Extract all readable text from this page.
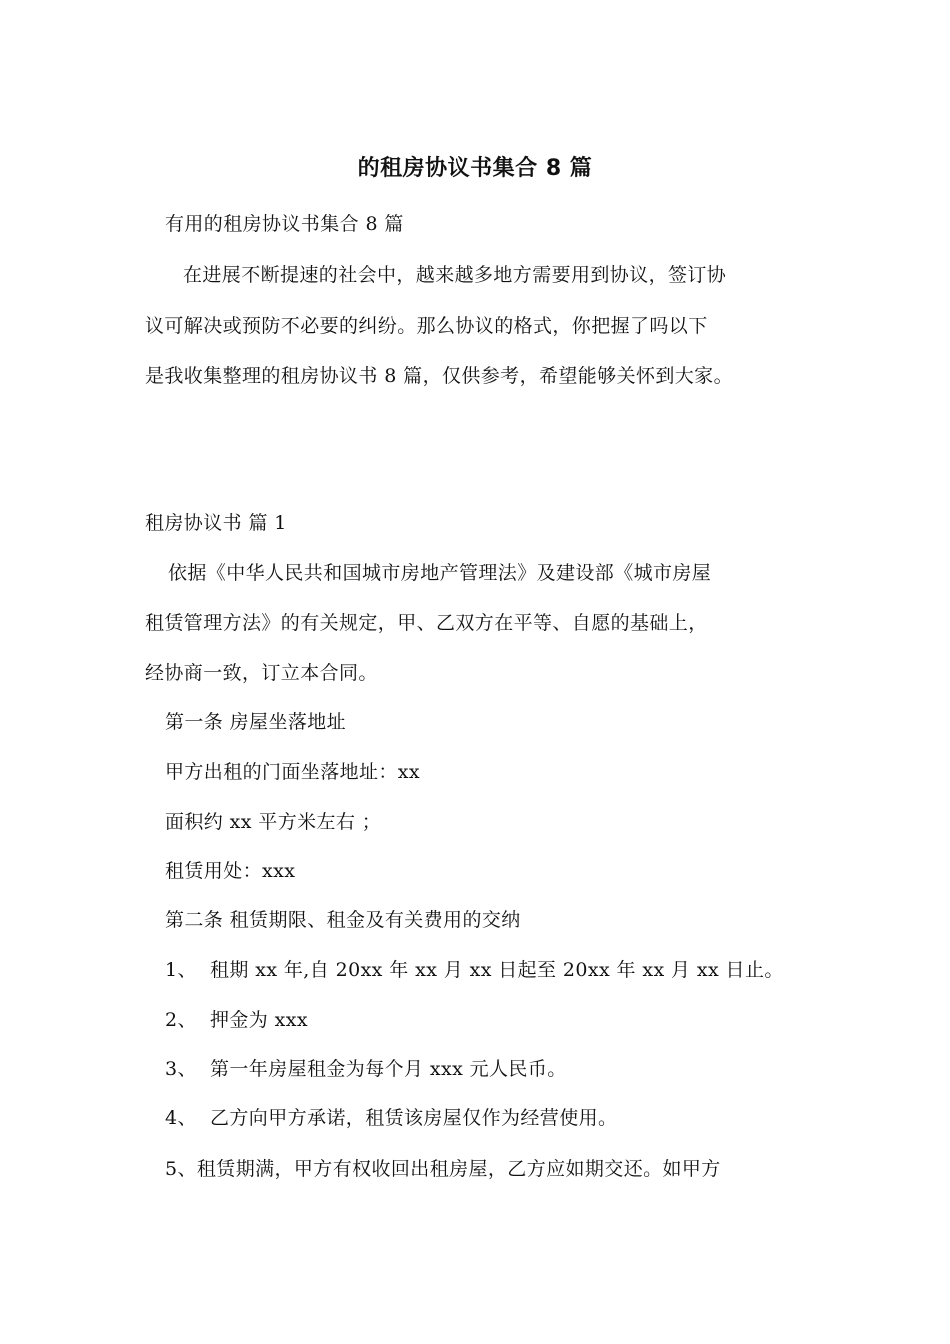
的租房协议书集合 8 篇
有用的租房协议书集合 8 篇
在进展不断提速的社会中，越来越多地方需要用到协议，签订协
议可解决或预防不必要的纠纷。那么协议的格式，你把握了吗以下
是我收集整理的租房协议书 8 篇，仅供参考，希望能够关怀到大家。
租房协议书 篇 1
依据《中华人民共和国城市房地产管理法》及建设部《城市房屋
租赁管理方法》的有关规定，甲、乙双方在平等、自愿的基础上，
经协商一致，订立本合同。
第一条 房屋坐落地址
甲方出租的门面坐落地址：xx
面积约 xx 平方米左右 ；
租赁用处：xxx
第二条 租赁期限、租金及有关费用的交纳
1、 租期 xx 年,自 20xx 年 xx 月 xx 日起至 20xx 年 xx 月 xx 日止。
2、 押金为 xxx
3、 第一年房屋租金为每个月 xxx 元人民币。
4、 乙方向甲方承诺，租赁该房屋仅作为经营使用。
5、租赁期满，甲方有权收回出租房屋，乙方应如期交还。如甲方
